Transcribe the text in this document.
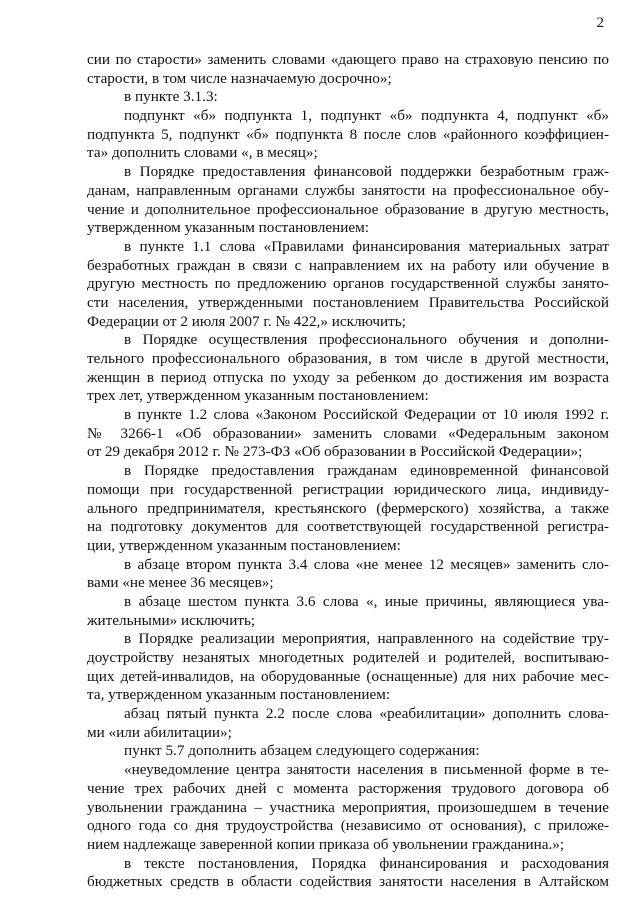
2
сии по старости» заменить словами «дающего право на страховую пенсию по
старости, в том числе назначаемую досрочно»;
в пункте 3.1.3:
подпункт «б» подпункта 1, подпункт «б» подпункта 4, подпункт «б»
подпункта 5, подпункт «б» подпункта 8 после слов «районного коэффициен-
та» дополнить словами «, в месяц»;
в Порядке предоставления финансовой поддержки безработным граж-
данам, направленным органами службы занятости на профессиональное обу-
чение и дополнительное профессиональное образование в другую местность,
утвержденном указанным постановлением:
в пункте 1.1 слова «Правилами финансирования материальных затрат
безработных граждан в связи с направлением их на работу или обучение в
другую местность по предложению органов государственной службы занято-
сти населения, утвержденными постановлением Правительства Российской
Федерации от 2 июля 2007 г. № 422,» исключить;
в Порядке осуществления профессионального обучения и дополни-
тельного профессионального образования, в том числе в другой местности,
женщин в период отпуска по уходу за ребенком до достижения им возраста
трех лет, утвержденном указанным постановлением:
в пункте 1.2 слова «Законом Российской Федерации от 10 июля 1992 г.
№ 3266-1 «Об образовании» заменить словами «Федеральным законом
от 29 декабря 2012 г. № 273-ФЗ «Об образовании в Российской Федерации»;
в Порядке предоставления гражданам единовременной финансовой
помощи при государственной регистрации юридического лица, индивиду-
ального предпринимателя, крестьянского (фермерского) хозяйства, а также
на подготовку документов для соответствующей государственной регистра-
ции, утвержденном указанным постановлением:
в абзаце втором пункта 3.4 слова «не менее 12 месяцев» заменить сло-
вами «не менее 36 месяцев»;
в абзаце шестом пункта 3.6 слова «, иные причины, являющиеся ува-
жительными» исключить;
в Порядке реализации мероприятия, направленного на содействие тру-
доустройству незанятых многодетных родителей и родителей, воспитываю-
щих детей-инвалидов, на оборудованные (оснащенные) для них рабочие мес-
та, утвержденном указанным постановлением:
абзац пятый пункта 2.2 после слова «реабилитации» дополнить слова-
ми «или абилитации»;
пункт 5.7 дополнить абзацем следующего содержания:
«неуведомление центра занятости населения в письменной форме в те-
чение трех рабочих дней с момента расторжения трудового договора об
увольнении гражданина – участника мероприятия, произошедшем в течение
одного года со дня трудоустройства (независимо от основания), с приложе-
нием надлежаще заверенной копии приказа об увольнении гражданина.»;
в тексте постановления, Порядка финансирования и расходования
бюджетных средств в области содействия занятости населения в Алтайском
